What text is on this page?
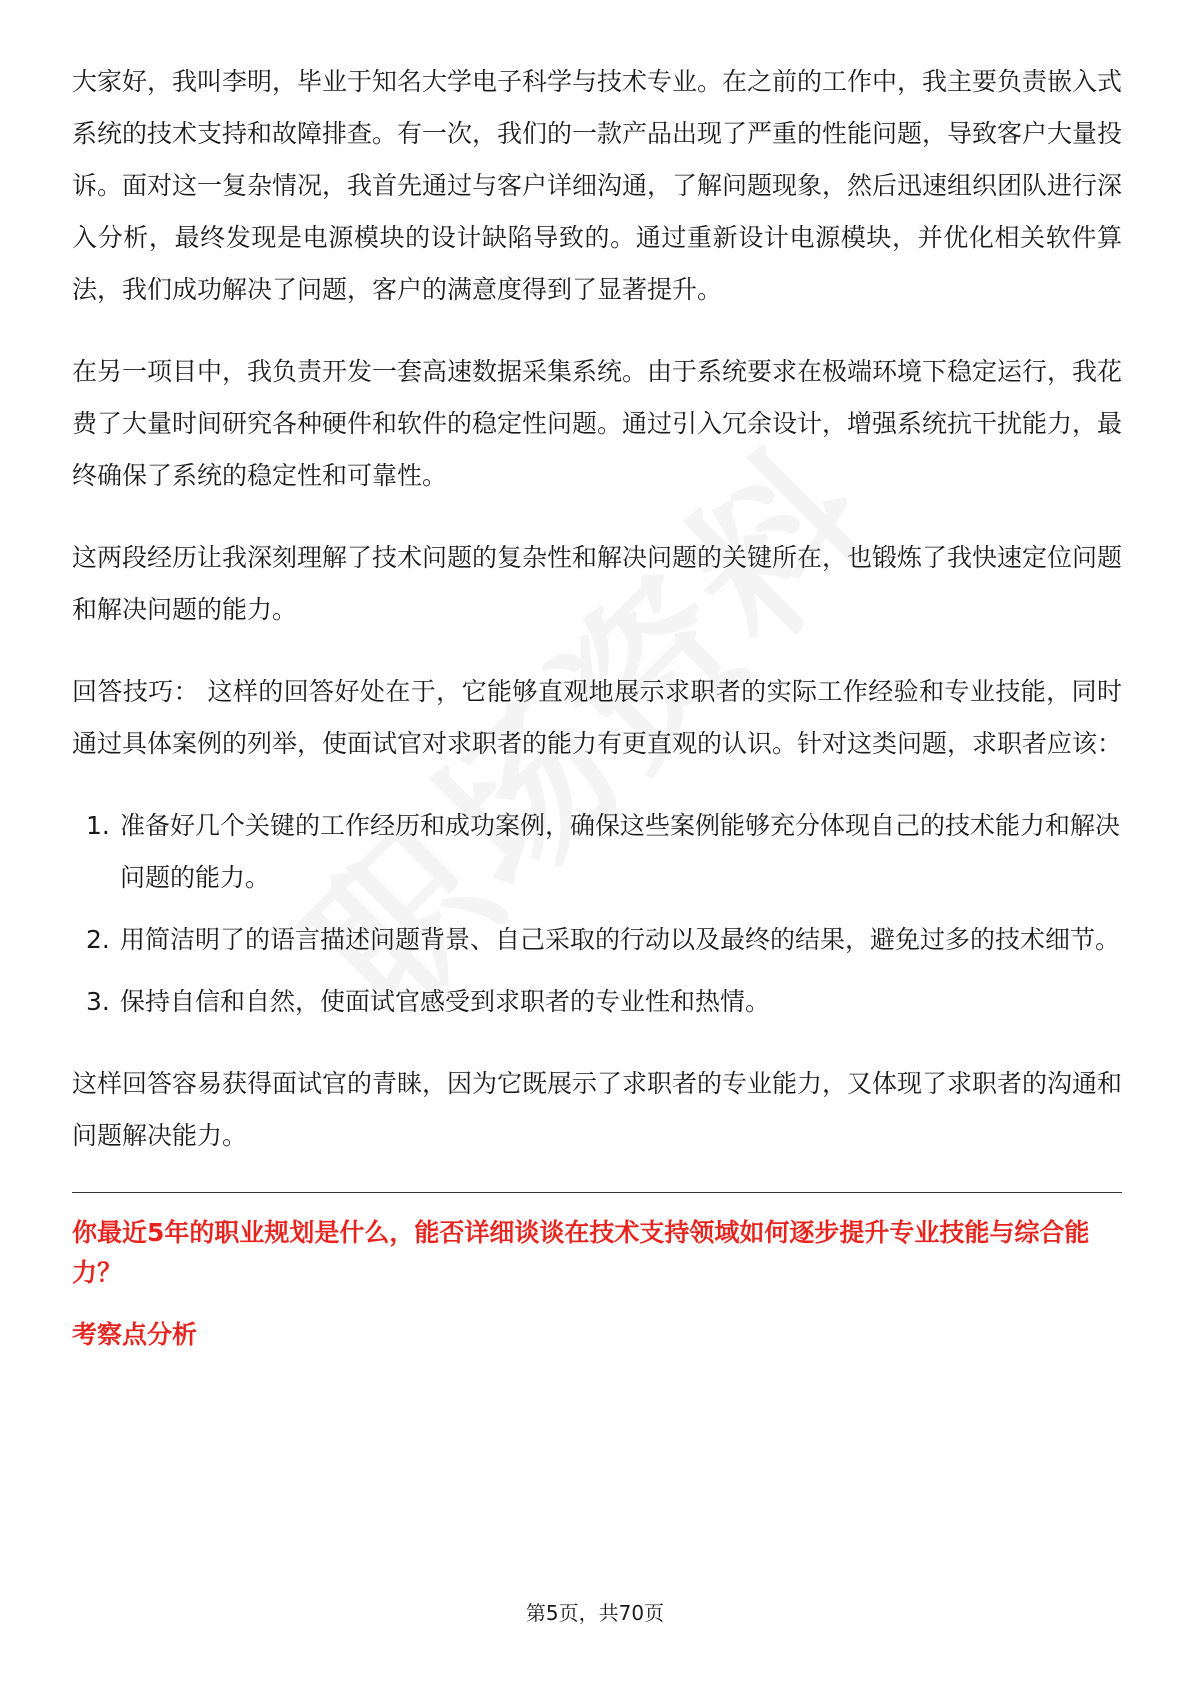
大家好，我叫李明，毕业于知名大学电子科学与技术专业。在之前的工作中，我主要负责嵌入式系统的技术支持和故障排查。有一次，我们的一款产品出现了严重的性能问题，导致客户大量投诉。面对这一复杂情况，我首先通过与客户详细沟通，了解问题现象，然后迅速组织团队进行深入分析，最终发现是电源模块的设计缺陷导致的。通过重新设计电源模块，并优化相关软件算法，我们成功解决了问题，客户的满意度得到了显著提升。

在另一项目中，我负责开发一套高速数据采集系统。由于系统要求在极端环境下稳定运行，我花费了大量时间研究各种硬件和软件的稳定性问题。通过引入冗余设计，增强系统抗干扰能力，最终确保了系统的稳定性和可靠性。

这两段经历让我深刻理解了技术问题的复杂性和解决问题的关键所在，也锻炼了我快速定位问题和解决问题的能力。

回答技巧： 这样的回答好处在于，它能够直观地展示求职者的实际工作经验和专业技能，同时通过具体案例的列举，使面试官对求职者的能力有更直观的认识。针对这类问题，求职者应该：

1. 准备好几个关键的工作经历和成功案例，确保这些案例能够充分体现自己的技术能力和解决问题的能力。
2. 用简洁明了的语言描述问题背景、自己采取的行动以及最终的结果，避免过多的技术细节。
3. 保持自信和自然，使面试官感受到求职者的专业性和热情。

这样回答容易获得面试官的青睐，因为它既展示了求职者的专业能力，又体现了求职者的沟通和问题解决能力。

你最近5年的职业规划是什么，能否详细谈谈在技术支持领域如何逐步提升专业技能与综合能力？

考察点分析

第5页，共70页
